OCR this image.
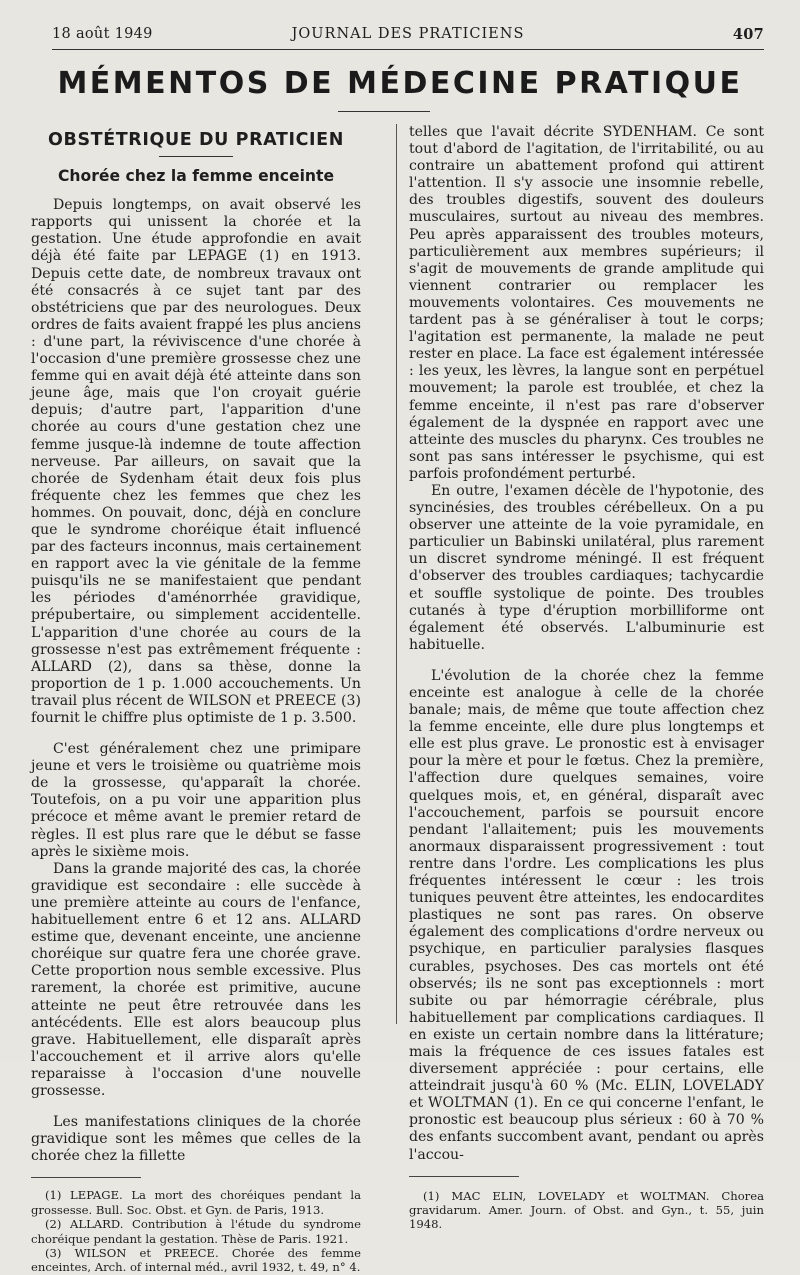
18 août 1949	JOURNAL DES PRATICIENS	407
MÉMENTOS DE MÉDECINE PRATIQUE
OBSTÉTRIQUE DU PRATICIEN
Chorée chez la femme enceinte

Depuis longtemps, on avait observé les rapports qui unissent la chorée et la gestation. Une étude approfondie en avait déjà été faite par LEPAGE (1) en 1913. Depuis cette date, de nombreux travaux ont été consacrés à ce sujet tant par des obstétriciens que par des neurologues. Deux ordres de faits avaient frappé les plus anciens : d'une part, la réviviscence d'une chorée à l'occasion d'une première grossesse chez une femme qui en avait déjà été atteinte dans son jeune âge, mais que l'on croyait guérie depuis; d'autre part, l'apparition d'une chorée au cours d'une gestation chez une femme jusque-là indemne de toute affection nerveuse. Par ailleurs, on savait que la chorée de Sydenham était deux fois plus fréquente chez les femmes que chez les hommes. On pouvait, donc, déjà en conclure que le syndrome choréique était influencé par des facteurs inconnus, mais certainement en rapport avec la vie génitale de la femme puisqu'ils ne se manifestaient que pendant les périodes d'aménorrhée gravidique, prépubertaire, ou simplement accidentelle. L'apparition d'une chorée au cours de la grossesse n'est pas extrêmement fréquente : ALLARD (2), dans sa thèse, donne la proportion de 1 p. 1.000 accouchements. Un travail plus récent de WILSON et PREECE (3) fournit le chiffre plus optimiste de 1 p. 3.500.

C'est généralement chez une primipare jeune et vers le troisième ou quatrième mois de la grossesse, qu'apparaît la chorée. Toutefois, on a pu voir une apparition plus précoce et même avant le premier retard de règles. Il est plus rare que le début se fasse après le sixième mois.

Dans la grande majorité des cas, la chorée gravidique est secondaire : elle succède à une première atteinte au cours de l'enfance, habituellement entre 6 et 12 ans. ALLARD estime que, devenant enceinte, une ancienne choréique sur quatre fera une chorée grave. Cette proportion nous semble excessive. Plus rarement, la chorée est primitive, aucune atteinte ne peut être retrouvée dans les antécédents. Elle est alors beaucoup plus grave. Habituellement, elle disparaît après l'accouchement et il arrive alors qu'elle reparaisse à l'occasion d'une nouvelle grossesse.

Les manifestations cliniques de la chorée gravidique sont les mêmes que celles de la chorée chez la fillette

(1) LEPAGE. La mort des choréiques pendant la grossesse. Bull. Soc. Obst. et Gyn. de Paris, 1913.

(2) ALLARD. Contribution à l'étude du syndrome choréique pendant la gestation. Thèse de Paris. 1921.

(3) WILSON et PREECE. Chorée des femme enceintes, Arch. of internal méd., avril 1932, t. 49, n° 4.

telles que l'avait décrite SYDENHAM. Ce sont tout d'abord de l'agitation, de l'irritabilité, ou au contraire un abattement profond qui attirent l'attention. Il s'y associe une insomnie rebelle, des troubles digestifs, souvent des douleurs musculaires, surtout au niveau des membres. Peu après apparaissent des troubles moteurs, particulièrement aux membres supérieurs; il s'agit de mouvements de grande amplitude qui viennent contrarier ou remplacer les mouvements volontaires. Ces mouvements ne tardent pas à se généraliser à tout le corps; l'agitation est permanente, la malade ne peut rester en place. La face est également intéressée : les yeux, les lèvres, la langue sont en perpétuel mouvement; la parole est troublée, et chez la femme enceinte, il n'est pas rare d'observer également de la dyspnée en rapport avec une atteinte des muscles du pharynx. Ces troubles ne sont pas sans intéresser le psychisme, qui est parfois profondément perturbé.

En outre, l'examen décèle de l'hypotonie, des syncinésies, des troubles cérébelleux. On a pu observer une atteinte de la voie pyramidale, en particulier un Babinski unilatéral, plus rarement un discret syndrome méningé. Il est fréquent d'observer des troubles cardiaques; tachycardie et souffle systolique de pointe. Des troubles cutanés à type d'éruption morbilliforme ont également été observés. L'albuminurie est habituelle.

L'évolution de la chorée chez la femme enceinte est analogue à celle de la chorée banale; mais, de même que toute affection chez la femme enceinte, elle dure plus longtemps et elle est plus grave. Le pronostic est à envisager pour la mère et pour le fœtus. Chez la première, l'affection dure quelques semaines, voire quelques mois, et, en général, disparaît avec l'accouchement, parfois se poursuit encore pendant l'allaitement; puis les mouvements anormaux disparaissent progressivement : tout rentre dans l'ordre. Les complications les plus fréquentes intéressent le cœur : les trois tuniques peuvent être atteintes, les endocardites plastiques ne sont pas rares. On observe également des complications d'ordre nerveux ou psychique, en particulier paralysies flasques curables, psychoses. Des cas mortels ont été observés; ils ne sont pas exceptionnels : mort subite ou par hémorragie cérébrale, plus habituellement par complications cardiaques. Il en existe un certain nombre dans la littérature; mais la fréquence de ces issues fatales est diversement appréciée : pour certains, elle atteindrait jusqu'à 60 % (Mc. ELIN, LOVELADY et WOLTMAN (1). En ce qui concerne l'enfant, le pronostic est beaucoup plus sérieux : 60 à 70 % des enfants succombent avant, pendant ou après l'accou-

(1) MAC ELIN, LOVELADY et WOLTMAN. Chorea gravidarum. Amer. Journ. of Obst. and Gyn., t. 55, juin 1948.
